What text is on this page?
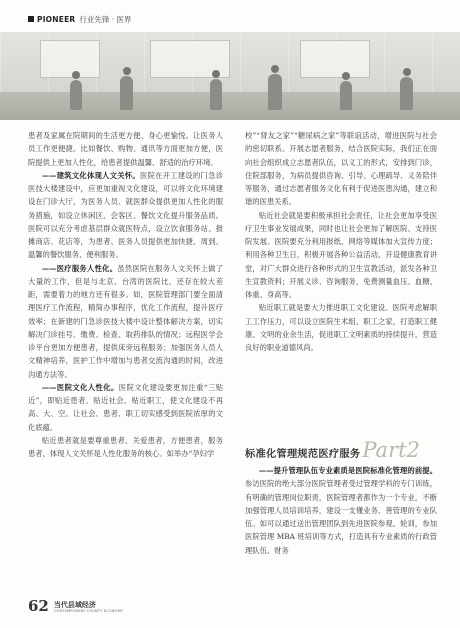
PIONEER 行业先锋 · 医界

患者及家属在院期间的生活更方便、身心更愉悦。让医务人员工作更便捷。比如餐饮、购物、通讯等方面更加方便，医院提供上更加人性化，给患者提供温馨、舒适的治疗环境。

——建筑文化体现人文关怀。医院在开工建设的门急诊医技大楼建设中，应更加重视文化建设，可以将文化环境建设在门诊大厅，为医务人员、就医群众提供更加人性化的服务措施，如设立休闲区、会客区、餐饮文化提升服务品质。医院可以充分考虑基层群众就医特点，设立饮食服务站、报摊商店、花店等，为患者、医务人员提供更加快捷、周到、温馨的餐饮服务、便利服务。

——医疗服务人性化。虽然医院在服务人文关怀上做了大量的工作，但是与北京、台湾的医院比，还存在较大差距，需要着力的地方还有很多。如，医院管理部门要全面清理医疗工作流程，精简办事程序，优化工作流程，提升医疗效率；在新建的门急诊医技大楼中设计整体解决方案，切实解决门诊挂号、缴费、检查、取药排队的情况；远程医学会诊平台更加方便患者，提供床旁远程服务；加强医务人员人文精神培养，医护工作中增加与患者交流沟通的时间，改进沟通方法等。

——医院文化人性化。医院文化建设要更加注重“三贴近”，即贴近患者、贴近社会、贴近职工，使文化建设不再高、大、空。让社会、患者、职工切实感受到医院浓厚的文化底蕴。

贴近患者就是要尊重患者、关爱患者，方便患者，服务患者，体现人文关怀是人性化服务的核心。如举办“孕妇学

校”“肾友之家”“糖尿病之家”等联谊活动，增进医院与社会的密切联系。开展志愿者服务，结合医院实际，我们正在面向社会组织成立志愿者队伍，以义工的形式，安排到门诊，住院部服务，为病员提供咨询、引导、心理疏导、义务陪伴等服务，通过志愿者服务文化有利于促进医患沟通，建立和谐的医患关系。

贴近社会就是要积极承担社会责任，让社会更加享受医疗卫生事业发展成果，同时也让社会更加了解医院、支持医院发展。医院要充分利用报纸、网络等媒体加大宣传力度；利用各种卫生日，积极开展各种公益活动，开设健康教育讲堂，对广大群众进行各种形式的卫生宣教活动，派发各种卫生宣教资料；开展义诊、咨询服务，免费测量血压、血糖、体重、身高等。

贴近职工就是要大力推进职工文化建设。医院考虑解职工工作压力，可以设立医院生术组、职工之家，打造职工健康、文明的业余生活，促进职工文明素质的持续提升，营造良好的职业道德风尚。

标准化管理规范医疗服务 Part2

——提升管理队伍专业素质是医院标准化管理的前提。参访医院的绝大部分医院管理者受过管理学科的专门训练，有明确的管理岗位职责，医院管理者都作为一个专业，不断加强管理人员培训培养，建设一支懂业务、善管理的专业队伍。如可以通过送出管理团队到先进医院参观、轮训，参加医院管理 MBA 班培训等方式，打造具有专业素质的行政管理队伍、财务

62 当代县域经济
CONTEMPORARY COUNTY ECONOMY
